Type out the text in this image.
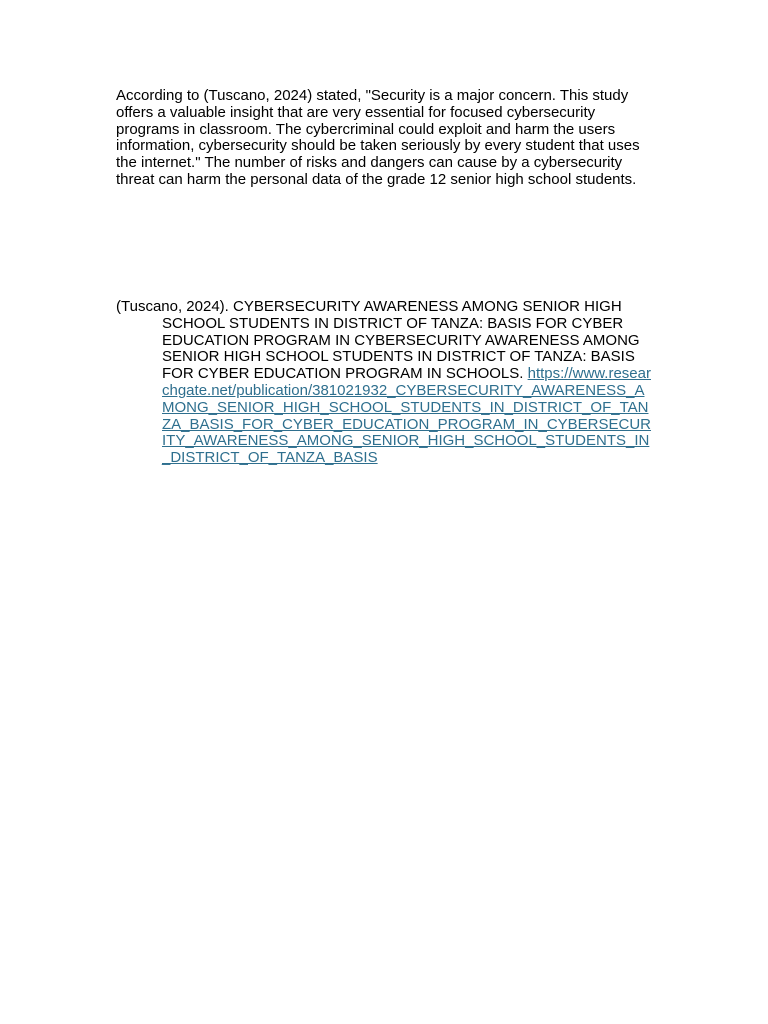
According to (Tuscano, 2024) stated, "Security is a major concern. This study offers a valuable insight that are very essential for focused cybersecurity programs in classroom. The cybercriminal could exploit and harm the users information, cybersecurity should be taken seriously by every student that uses the internet." The number of risks and dangers can cause by a cybersecurity threat can harm the personal data of the grade 12 senior high school students.

(Tuscano, 2024). CYBERSECURITY AWARENESS AMONG SENIOR HIGH SCHOOL STUDENTS IN DISTRICT OF TANZA: BASIS FOR CYBER EDUCATION PROGRAM IN CYBERSECURITY AWARENESS AMONG SENIOR HIGH SCHOOL STUDENTS IN DISTRICT OF TANZA: BASIS FOR CYBER EDUCATION PROGRAM IN SCHOOLS. https://www.researchgate.net/publication/381021932_CYBERSECURITY_AWARENESS_AMONG_SENIOR_HIGH_SCHOOL_STUDENTS_IN_DISTRICT_OF_TANZA_BASIS_FOR_CYBER_EDUCATION_PROGRAM_IN_CYBERSECURITY_AWARENESS_AMONG_SENIOR_HIGH_SCHOOL_STUDENTS_IN_DISTRICT_OF_TANZA_BASIS
